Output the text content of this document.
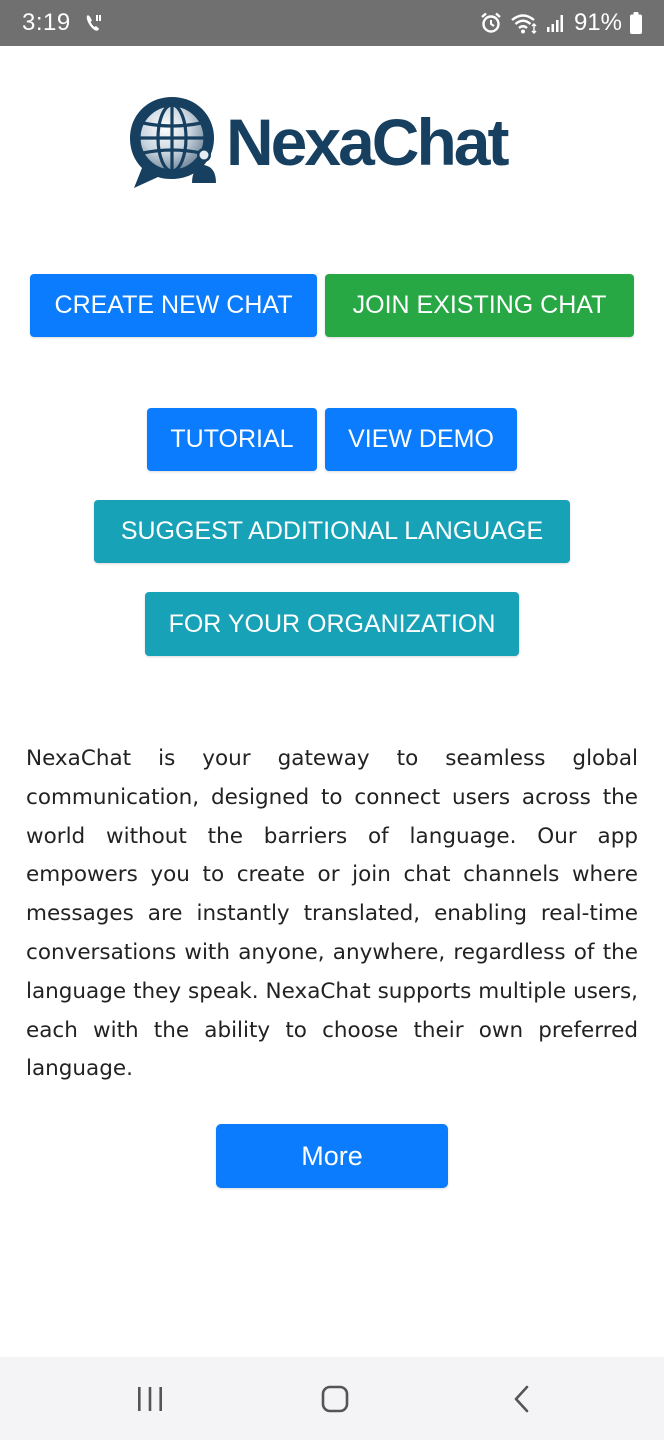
3:19	91%
NexaChat
CREATE NEW CHAT	JOIN EXISTING CHAT
TUTORIAL	VIEW DEMO
SUGGEST ADDITIONAL LANGUAGE
FOR YOUR ORGANIZATION

NexaChat is your gateway to seamless global communication, designed to connect users across the world without the barriers of language. Our app empowers you to create or join chat channels where messages are instantly translated, enabling real-time conversations with anyone, anywhere, regardless of the language they speak. NexaChat supports multiple users, each with the ability to choose their own preferred language.

More
